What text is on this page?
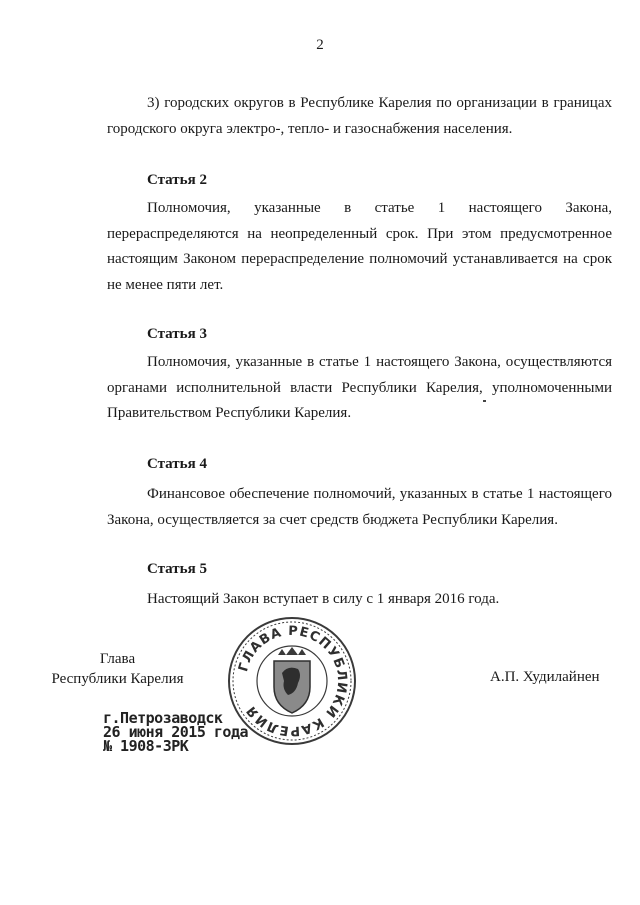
2
3) городских округов в Республике Карелия по организации в границах городского округа электро-, тепло- и газоснабжения населения.
Статья 2
Полномочия, указанные в статье 1 настоящего Закона, перераспределяются на неопределенный срок. При этом предусмотренное настоящим Законом перераспределение полномочий устанавливается на срок не менее пяти лет.
Статья 3
Полномочия, указанные в статье 1 настоящего Закона, осуществляются органами исполнительной власти Республики Карелия, уполномоченными Правительством Республики Карелия.
Статья 4
Финансовое обеспечение полномочий, указанных в статье 1 настоящего Закона, осуществляется за счет средств бюджета Республики Карелия.
Статья 5
Настоящий Закон вступает в силу с 1 января 2016 года.
Глава
Республики Карелия	А.П. Худилайнен
ГЛАВА РЕСПУБЛИКИ КАРЕЛИЯ
г.Петрозаводск
26 июня 2015 года
№ 1908-ЗРК
